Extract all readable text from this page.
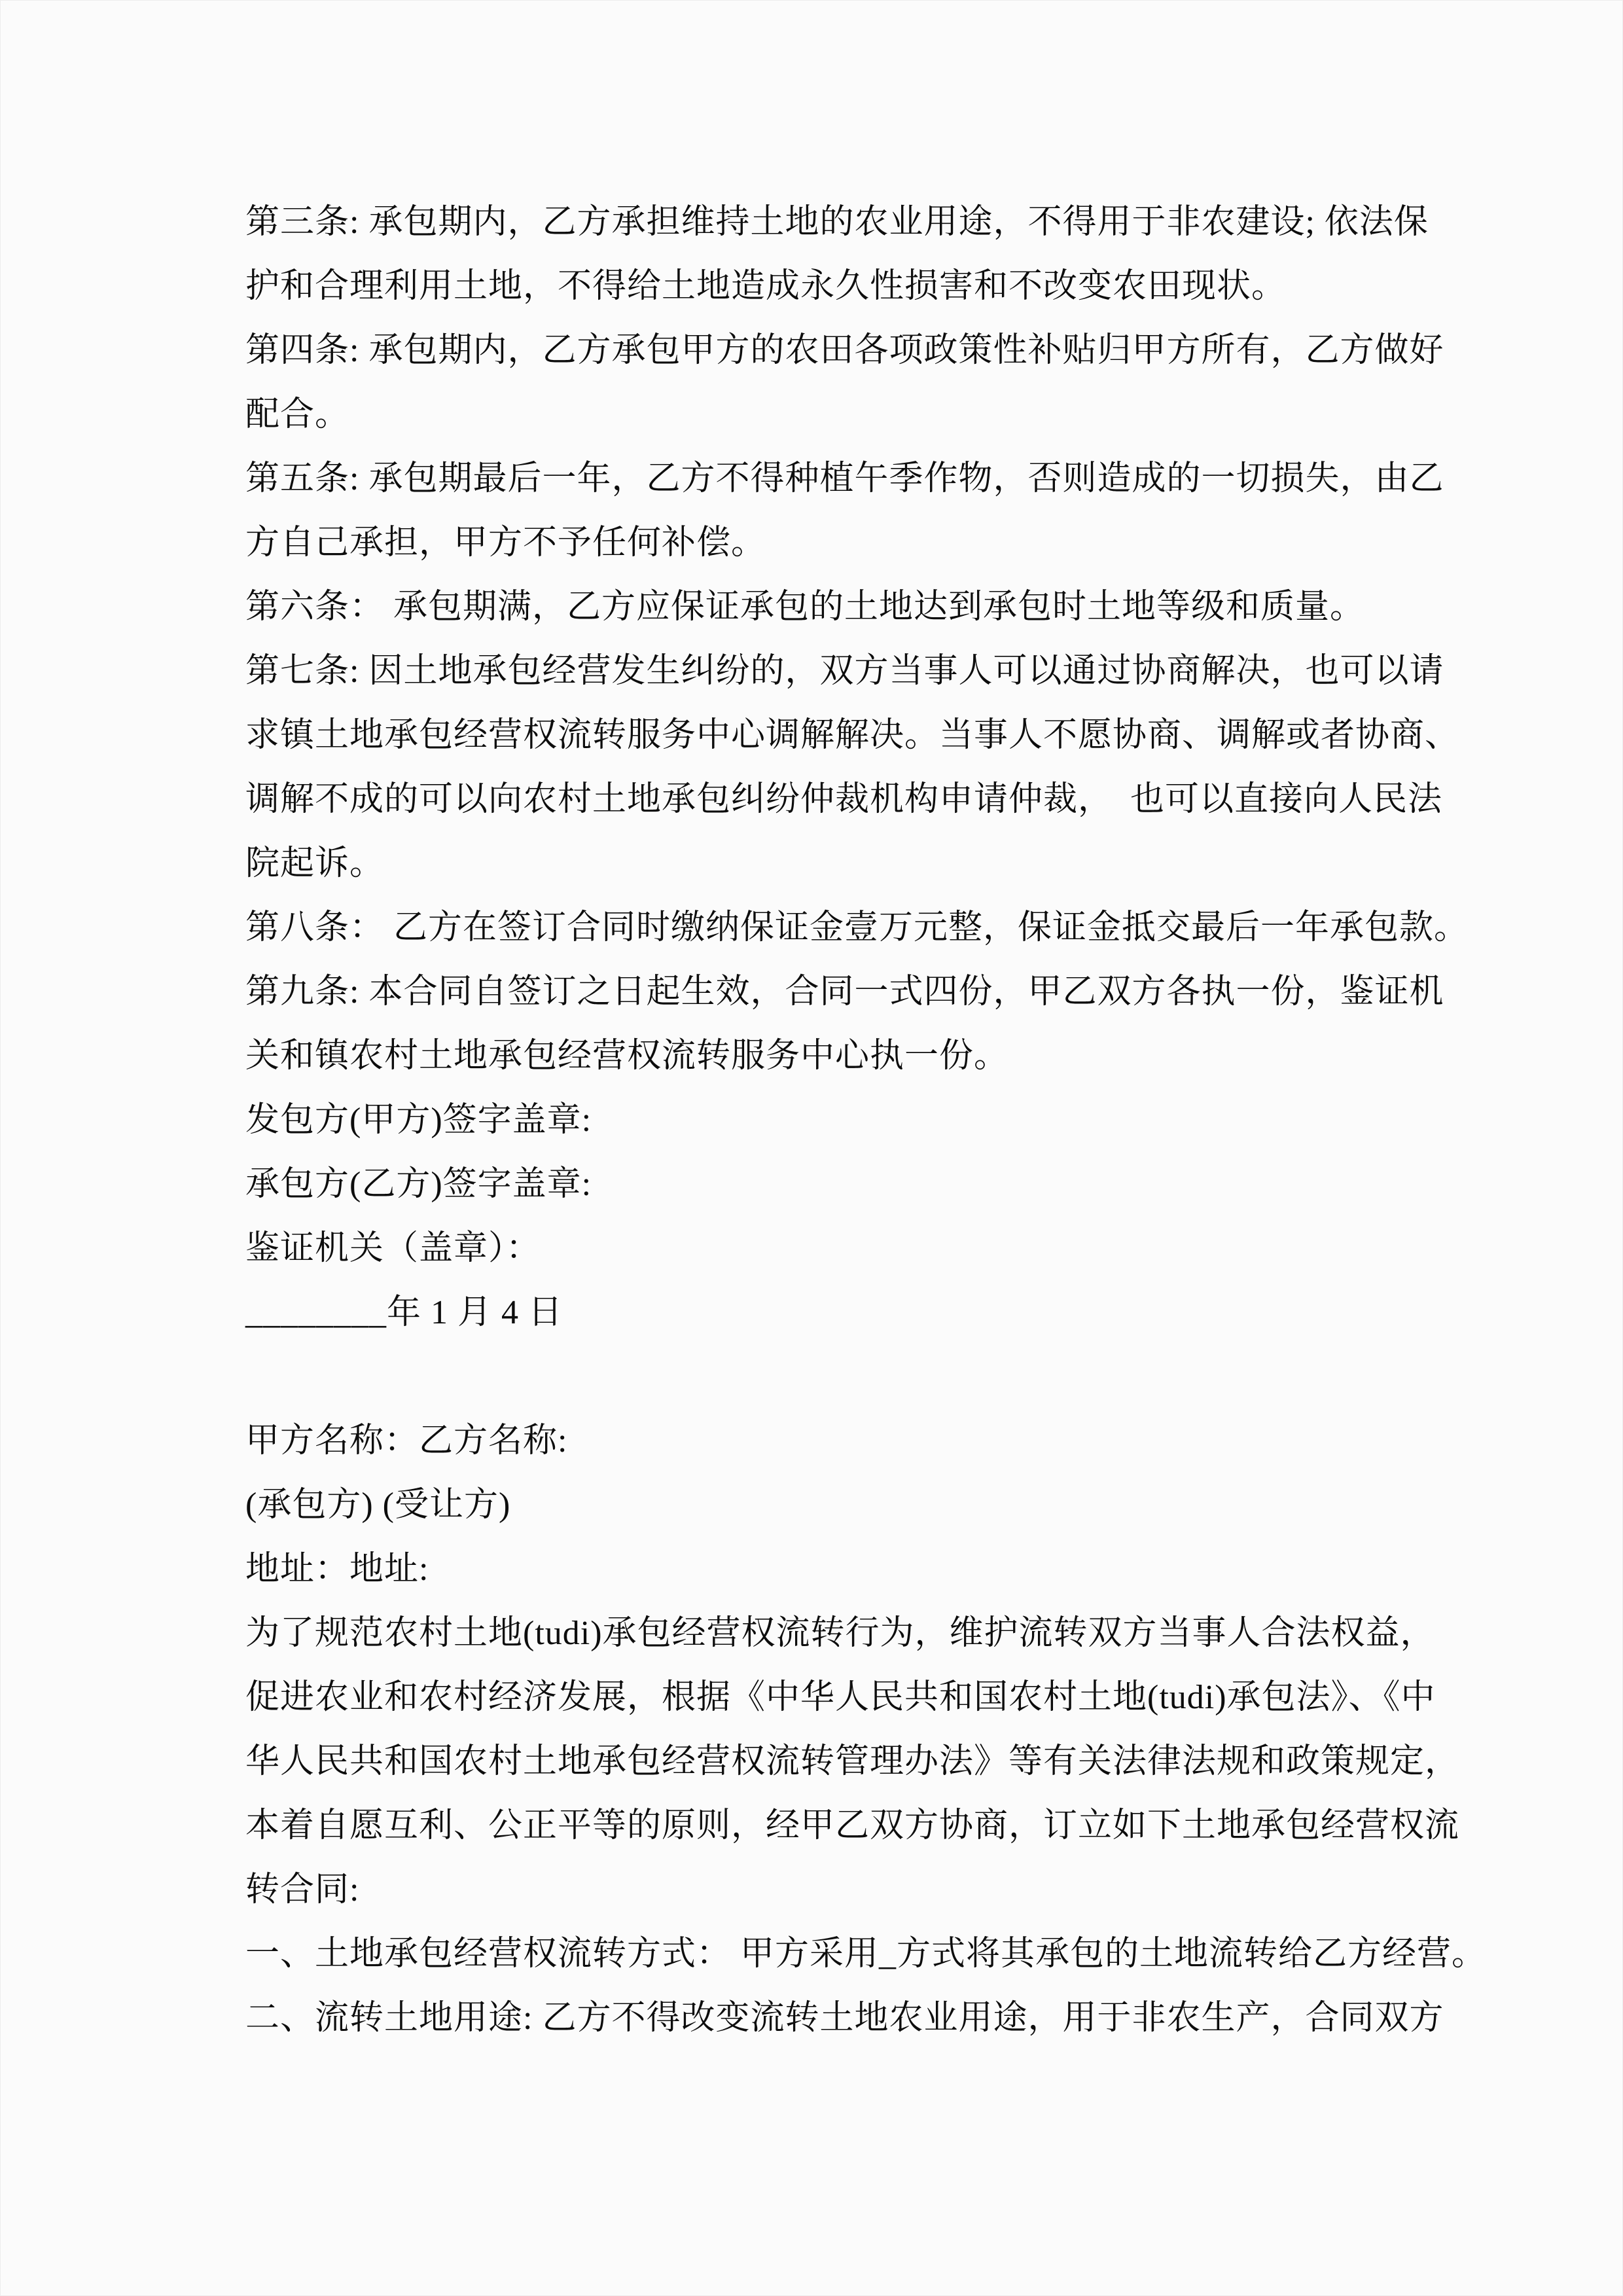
第三条: 承包期内，乙方承担维持土地的农业用途，不得用于非农建设; 依法保
护和合理利用土地，不得给土地造成永久性损害和不改变农田现状。
第四条: 承包期内，乙方承包甲方的农田各项政策性补贴归甲方所有，乙方做好
配合。
第五条: 承包期最后一年，乙方不得种植午季作物，否则造成的一切损失，由乙
方自己承担，甲方不予任何补偿。
第六条： 承包期满，乙方应保证承包的土地达到承包时土地等级和质量。
第七条: 因土地承包经营发生纠纷的，双方当事人可以通过协商解决，也可以请
求镇土地承包经营权流转服务中心调解解决。当事人不愿协商、调解或者协商、
调解不成的可以向农村土地承包纠纷仲裁机构申请仲裁，　也可以直接向人民法
院起诉。
第八条： 乙方在签订合同时缴纳保证金壹万元整，保证金抵交最后一年承包款。
第九条: 本合同自签订之日起生效，合同一式四份，甲乙双方各执一份，鉴证机
关和镇农村土地承包经营权流转服务中心执一份。
发包方(甲方)签字盖章:
承包方(乙方)签字盖章:
鉴证机关（盖章）：
________年 1 月 4 日
甲方名称：乙方名称:
(承包方) (受让方)
地址：地址:
为了规范农村土地(tudi)承包经营权流转行为，维护流转双方当事人合法权益，
促进农业和农村经济发展，根据《中华人民共和国农村土地(tudi)承包法》、《中
华人民共和国农村土地承包经营权流转管理办法》等有关法律法规和政策规定，
本着自愿互利、公正平等的原则，经甲乙双方协商，订立如下土地承包经营权流
转合同:
一、土地承包经营权流转方式： 甲方采用_方式将其承包的土地流转给乙方经营。
二、流转土地用途: 乙方不得改变流转土地农业用途，用于非农生产，合同双方
